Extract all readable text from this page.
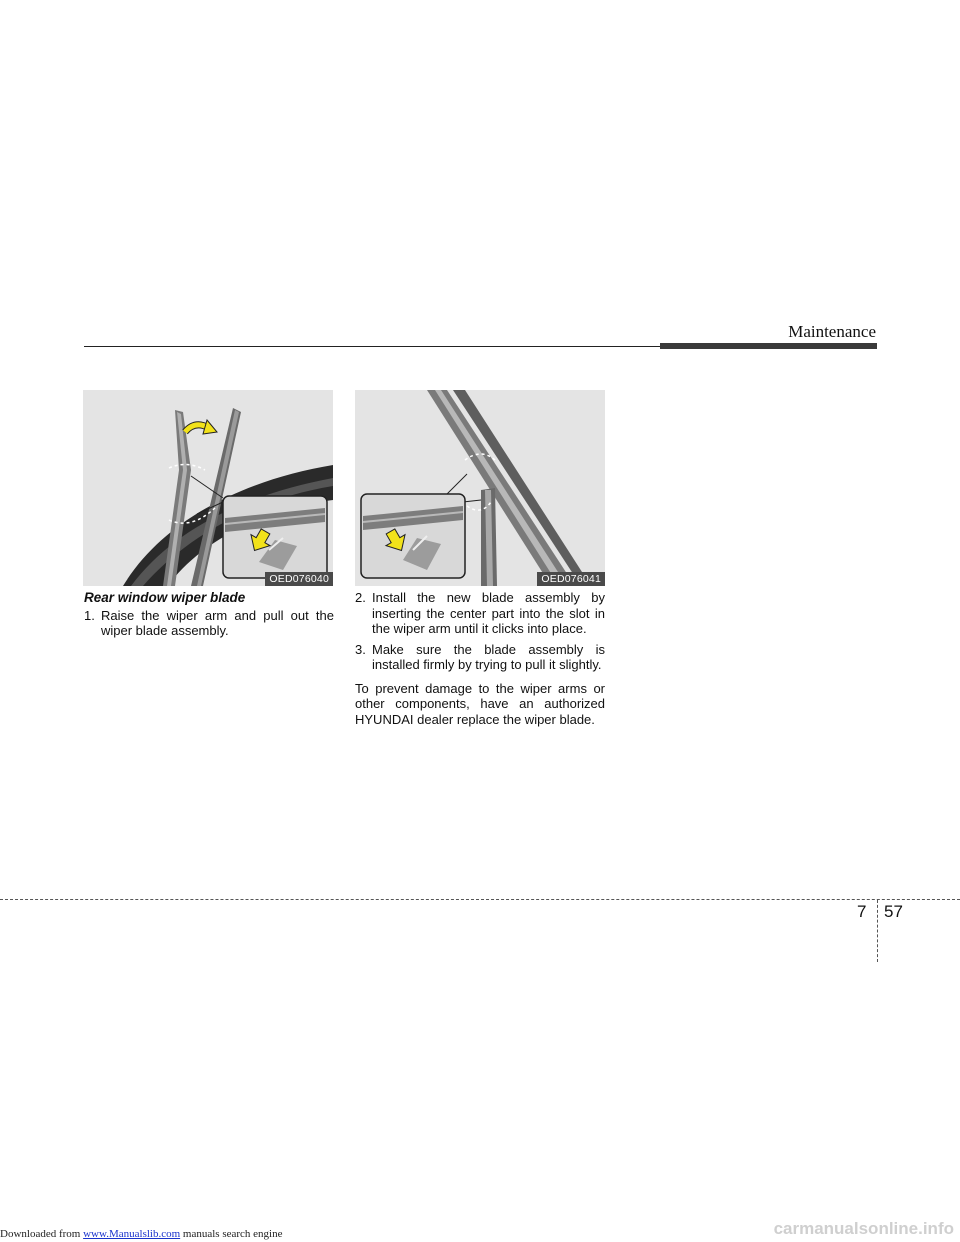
Maintenance
OED076040	OED076041
Rear window wiper blade
1. Raise the wiper arm and pull out the wiper blade assembly.
2. Install the new blade assembly by inserting the center part into the slot in the wiper arm until it clicks into place.
3. Make sure the blade assembly is installed firmly by trying to pull it slightly.
To prevent damage to the wiper arms or other components, have an authorized HYUNDAI dealer replace the wiper blade.
7 57
Downloaded from www.Manualslib.com manuals search engine	carmanualsonline.info
